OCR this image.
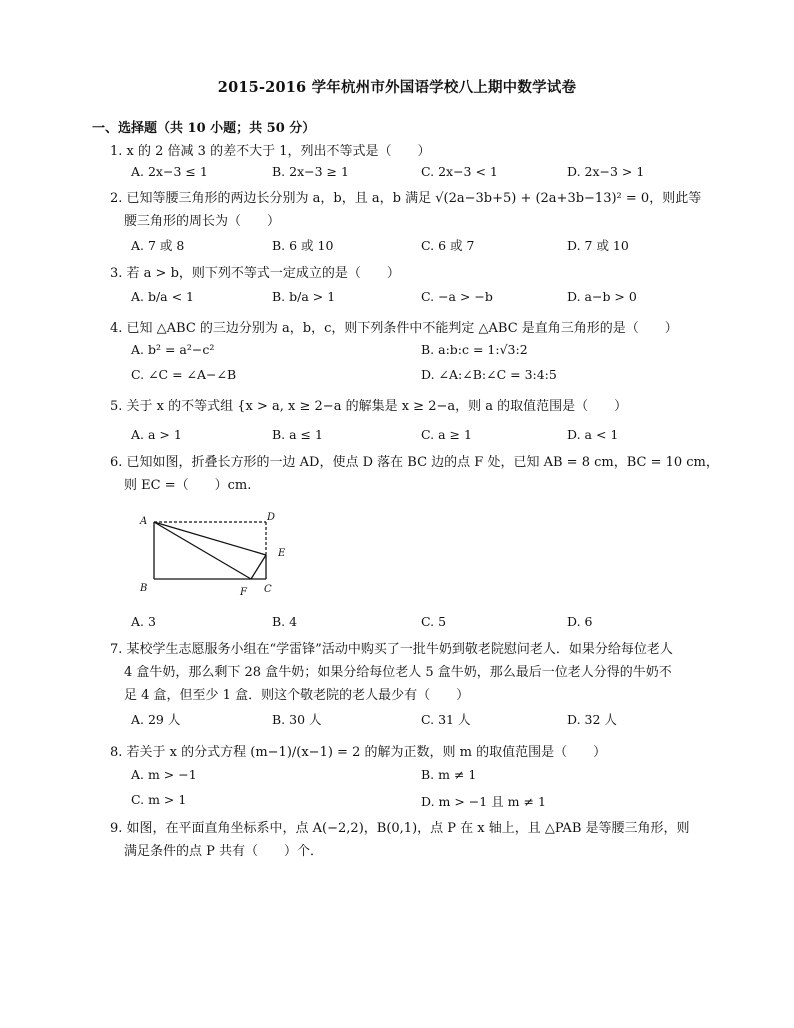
2015-2016 学年杭州市外国语学校八上期中数学试卷
一、选择题（共 10 小题；共 50 分）
1. x 的 2 倍减 3 的差不大于 1，列出不等式是（　　）
A. 2x−3 ≤ 1	B. 2x−3 ≥ 1	C. 2x−3 < 1	D. 2x−3 > 1
2. 已知等腰三角形的两边长分别为 a，b，且 a，b 满足 √(2a−3b+5) + (2a+3b−13)² = 0，则此等
腰三角形的周长为（　　）
A. 7 或 8	B. 6 或 10	C. 6 或 7	D. 7 或 10
3. 若 a > b，则下列不等式一定成立的是（　　）
A. b/a < 1	B. b/a > 1	C. −a > −b	D. a−b > 0
4. 已知 △ABC 的三边分别为 a，b，c，则下列条件中不能判定 △ABC 是直角三角形的是（　　）
A. b² = a²−c²	B. a:b:c = 1:√3:2
C. ∠C = ∠A−∠B	D. ∠A:∠B:∠C = 3:4:5
5. 关于 x 的不等式组 {x > a, x ≥ 2−a 的解集是 x ≥ 2−a，则 a 的取值范围是（　　）
A. a > 1	B. a ≤ 1	C. a ≥ 1	D. a < 1
6. 已知如图，折叠长方形的一边 AD，使点 D 落在 BC 边的点 F 处，已知 AB = 8 cm，BC = 10 cm，
则 EC =（　　）cm.
A	D
E
B	F C
A. 3	B. 4	C. 5	D. 6
7. 某校学生志愿服务小组在“学雷锋”活动中购买了一批牛奶到敬老院慰问老人．如果分给每位老人
4 盒牛奶，那么剩下 28 盒牛奶；如果分给每位老人 5 盒牛奶，那么最后一位老人分得的牛奶不
足 4 盒，但至少 1 盒．则这个敬老院的老人最少有（　　）
A. 29 人	B. 30 人	C. 31 人	D. 32 人
8. 若关于 x 的分式方程 (m−1)/(x−1) = 2 的解为正数，则 m 的取值范围是（　　）
A. m > −1	B. m ≠ 1
C. m > 1	D. m > −1 且 m ≠ 1
9. 如图，在平面直角坐标系中，点 A(−2,2)，B(0,1)，点 P 在 x 轴上，且 △PAB 是等腰三角形，则
满足条件的点 P 共有（　　）个．
